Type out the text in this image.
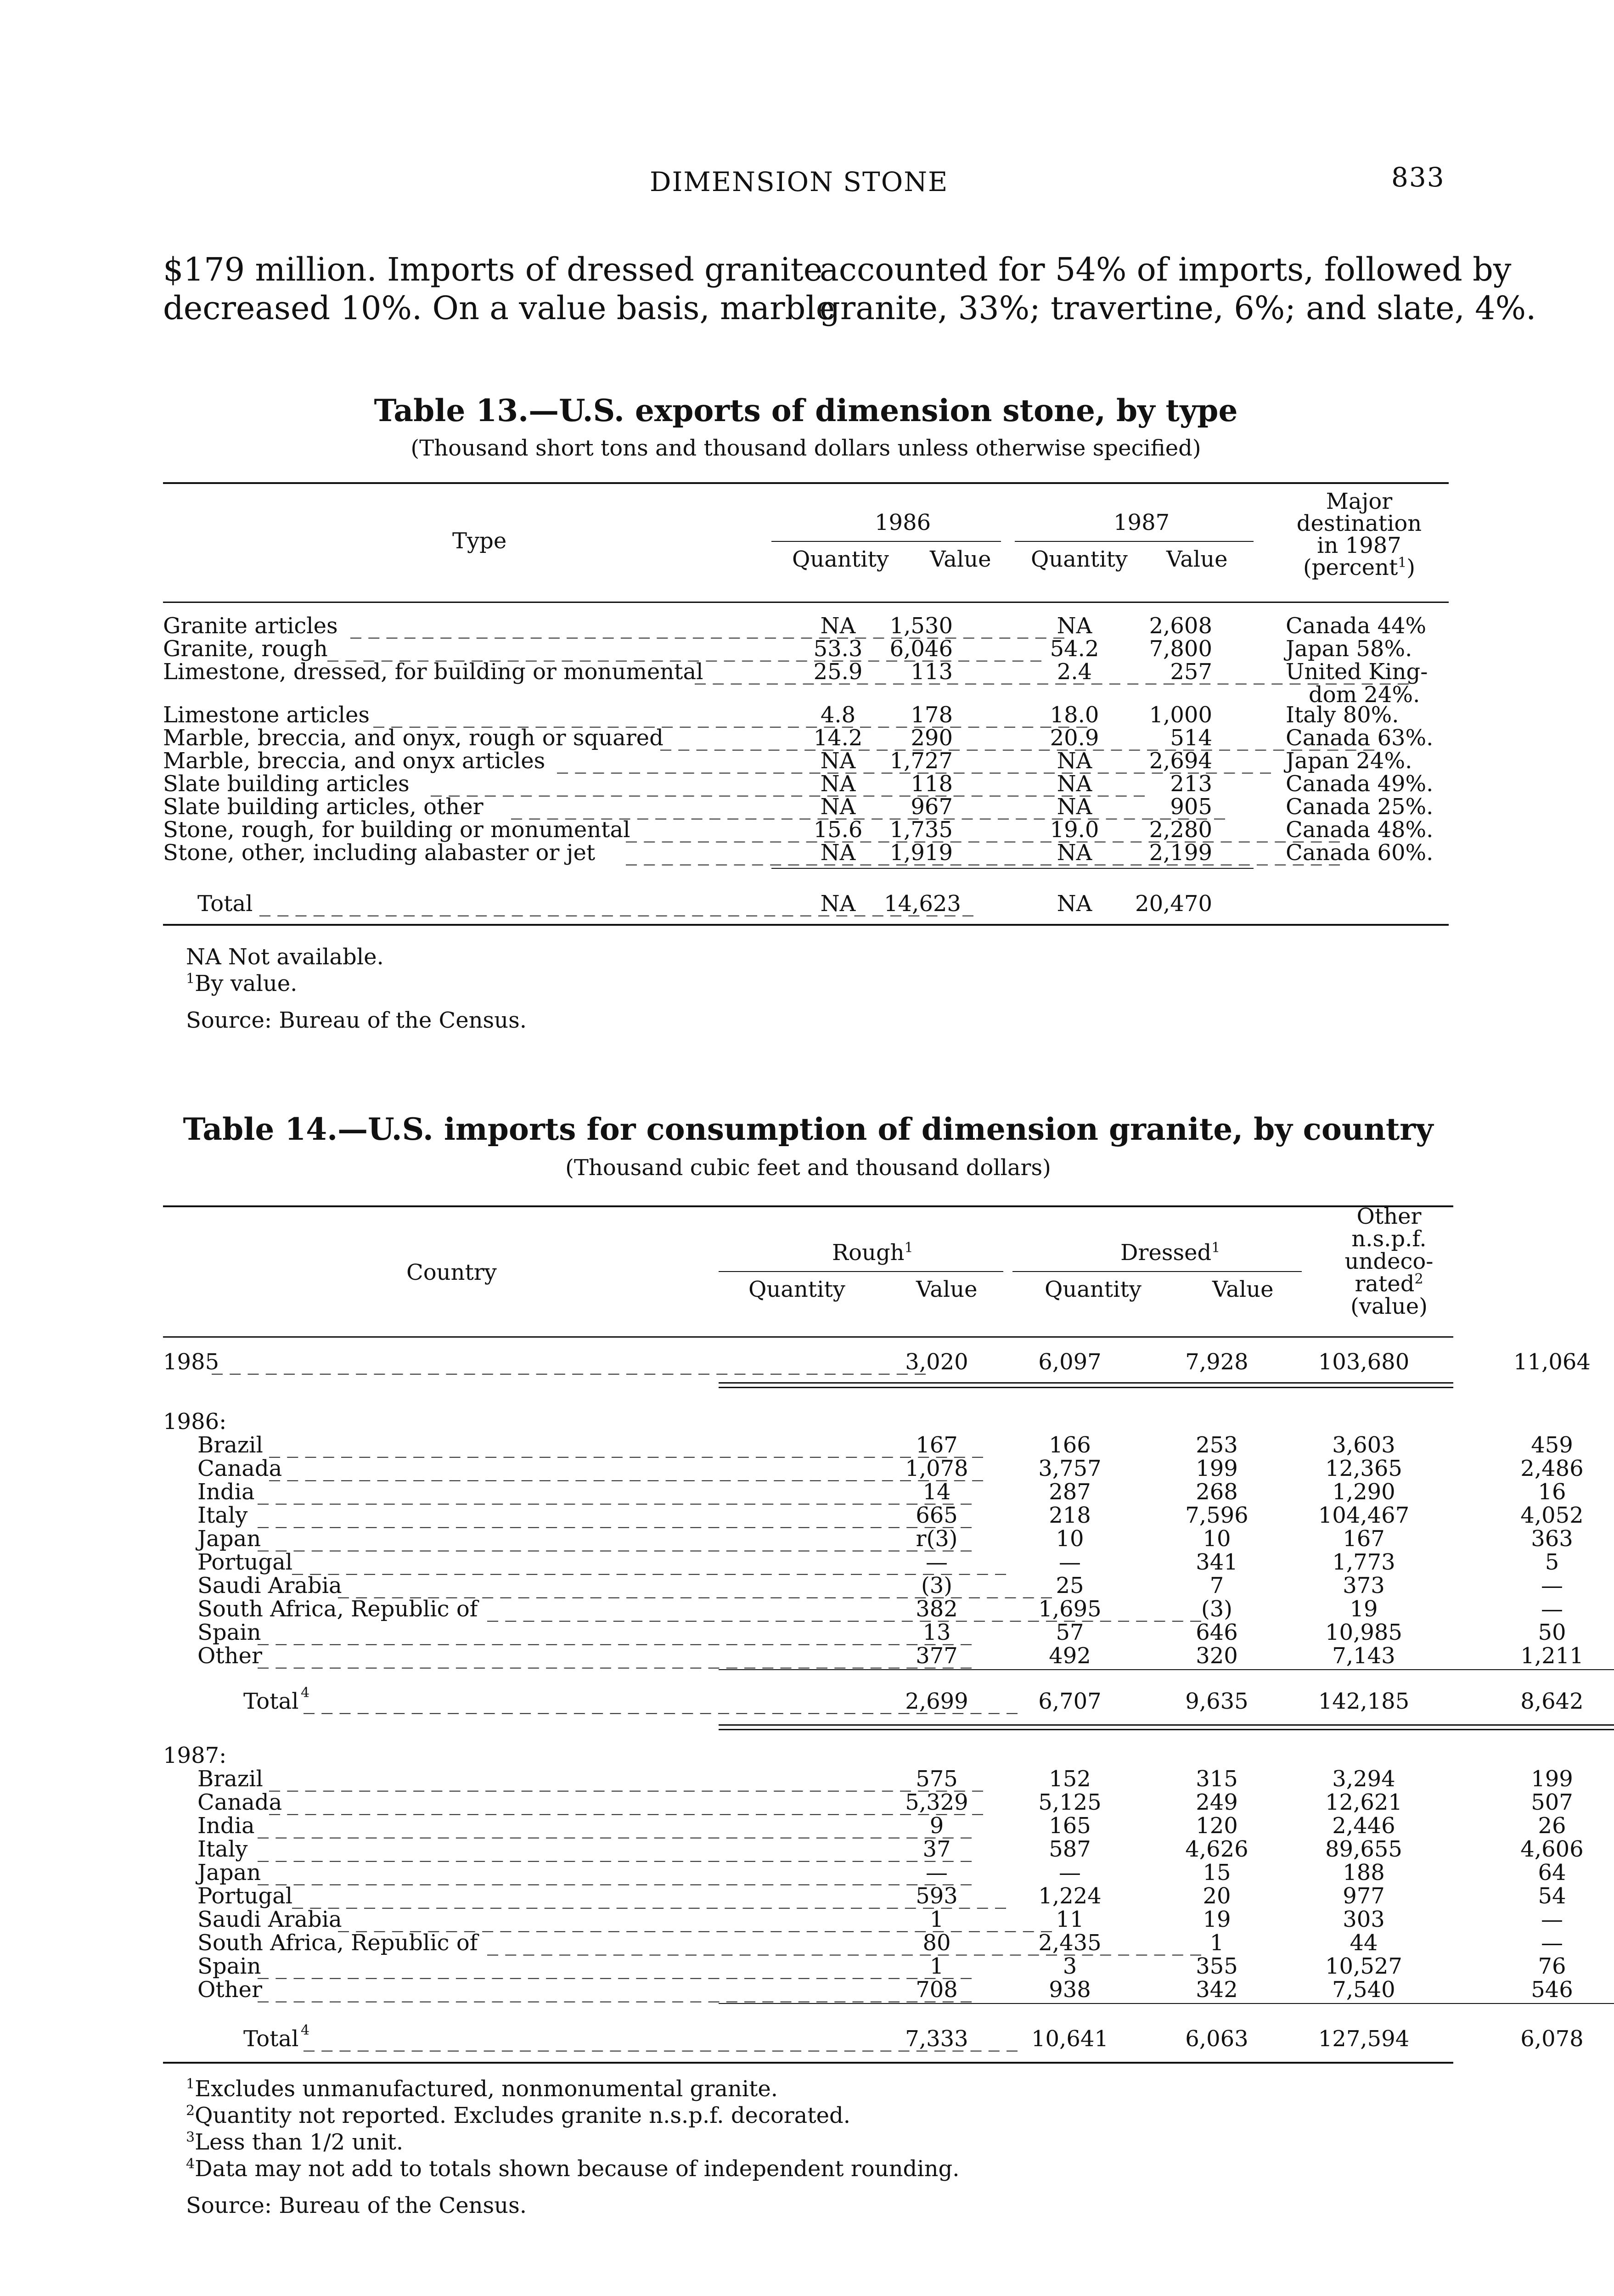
DIMENSION STONE	833
$179 million. Imports of dressed granite
decreased 10%. On a value basis, marble
accounted for 54% of imports, followed by
granite, 33%; travertine, 6%; and slate, 4%.
Table 13.—U.S. exports of dimension stone, by type
(Thousand short tons and thousand dollars unless otherwise specified)
Type
1986	1987
Quantity Value Quantity Value
Major
destination
in 1987
(percent$^1$)
Granite articles _ _ _	NA	1,530	NA	2,608	Canada 44%
Granite, rough _ _ _	53.3	6,046	54.2	7,800	Japan 58%.
Limestone, dressed, for building or monumental _ _ _	25.9	113	2.4	257	United King-
dom 24%.
Limestone articles _ _ _	4.8	178	18.0	1,000	Italy 80%.
Marble, breccia, and onyx, rough or squared _ _ _	14.2	290	20.9	514	Canada 63%.
Marble, breccia, and onyx articles _ _ _	NA	1,727	NA	2,694	Japan 24%.
Slate building articles _ _ _	NA	118	NA	213	Canada 49%.
Slate building articles, other _ _ _	NA	967	NA	905	Canada 25%.
Stone, rough, for building or monumental _ _ _	15.6	1,735	19.0	2,280	Canada 48%.
Stone, other, including alabaster or jet _ _ _	NA	1,919	NA	2,199	Canada 60%.
Total _ _ _	NA	14,623	NA	20,470
NA Not available.
$^1$By value.
Source: Bureau of the Census.
Table 14.—U.S. imports for consumption of dimension granite, by country
(Thousand cubic feet and thousand dollars)
Country
Rough$^1$	Dressed$^1$
Quantity	Value	Quantity	Value
Other
n.s.p.f.
undeco-
rated$^2$
(value)
1985 _ _ _	3,020	6,097	7,928	103,680	11,064
1986:
Brazil _ _ _	167	166	253	3,603	459
Canada _ _ _	1,078	3,757	199	12,365	2,486
India _ _ _	14	287	268	1,290	16
Italy _ _ _	665	218	7,596	104,467	4,052
Japan _ _ _	r(3)	10	10	167	363
Portugal _ _ _	—	—	341	1,773	5
Saudi Arabia _ _ _	(3)	25	7	373	—
South Africa, Republic of _ _ _	382	1,695	(3)	19	—
Spain _ _ _	13	57	646	10,985	50
Other _ _ _	377	492	320	7,143	1,211
Total _ _ _	2,699	6,707	9,635	142,185	8,642
4
1987:
Brazil _ _ _	575	152	315	3,294	199
Canada _ _ _	5,329	5,125	249	12,621	507
India _ _ _	9	165	120	2,446	26
Italy _ _ _	37	587	4,626	89,655	4,606
Japan _ _ _	—	—	15	188	64
Portugal _ _ _	593	1,224	20	977	54
Saudi Arabia _ _ _	1	11	19	303	—
South Africa, Republic of _ _ _	80	2,435	1	44	—
Spain _ _ _	1	3	355	10,527	76
Other _ _ _	708	938	342	7,540	546
Total _ _ _	7,333	10,641	6,063	127,594	6,078
4
$^1$Excludes unmanufactured, nonmonumental granite.
$^2$Quantity not reported. Excludes granite n.s.p.f. decorated.
$^3$Less than 1/2 unit.
$^4$Data may not add to totals shown because of independent rounding.
Source: Bureau of the Census.
